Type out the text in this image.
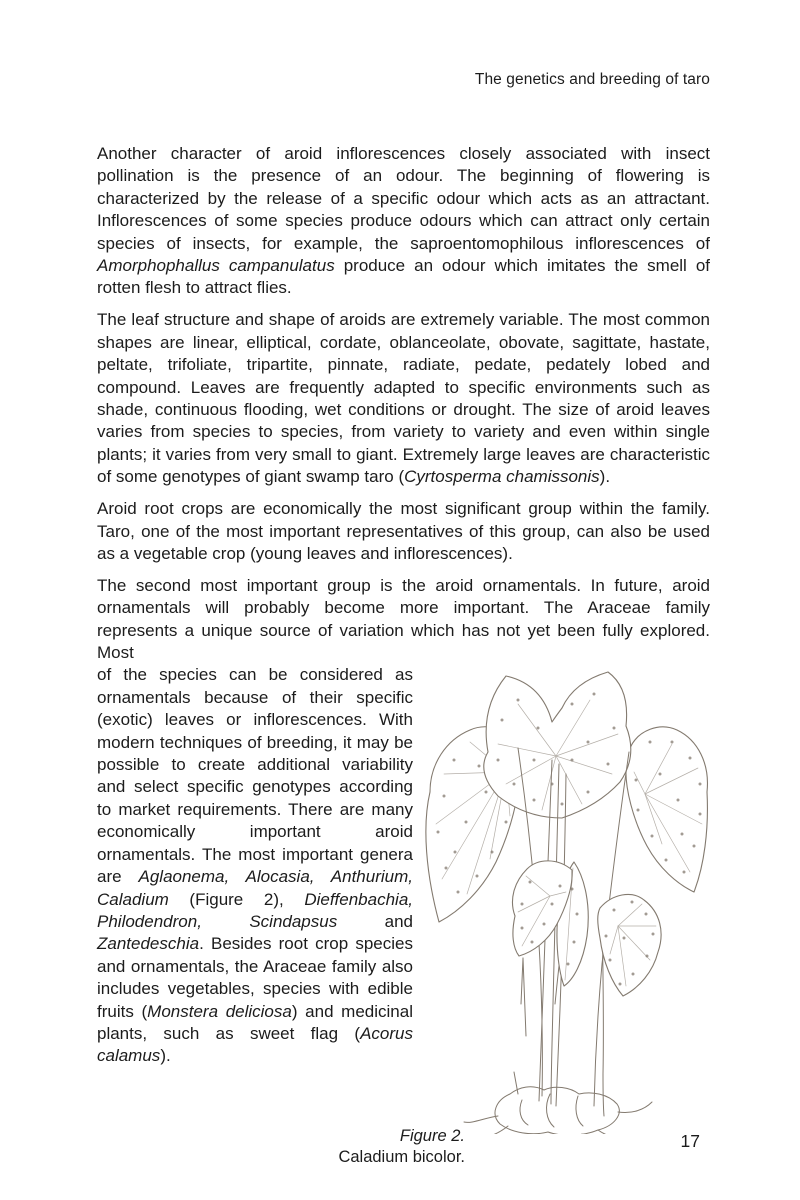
The genetics and breeding of taro

Another character of aroid inflorescences closely associated with insect pollination is the presence of an odour. The beginning of flowering is characterized by the release of a specific odour which acts as an attractant. Inflorescences of some species produce odours which can attract only certain species of insects, for example, the saproentomophilous inflorescences of Amorphophallus campanulatus produce an odour which imitates the smell of rotten flesh to attract flies.

The leaf structure and shape of aroids are extremely variable. The most common shapes are linear, elliptical, cordate, oblanceolate, obovate, sagittate, hastate, peltate, trifoliate, tripartite, pinnate, radiate, pedate, pedately lobed and compound. Leaves are frequently adapted to specific environments such as shade, continuous flooding, wet conditions or drought. The size of aroid leaves varies from species to species, from variety to variety and even within single plants; it varies from very small to giant. Extremely large leaves are characteristic of some genotypes of giant swamp taro (Cyrtosperma chamissonis).

Aroid root crops are economically the most significant group within the family. Taro, one of the most important representatives of this group, can also be used as a vegetable crop (young leaves and inflorescences).

The second most important group is the aroid ornamentals. In future, aroid ornamentals will probably become more important. The Araceae family represents a unique source of variation which has not yet been fully explored. Most

of the species can be considered as ornamentals because of their specific (exotic) leaves or inflorescences. With modern techniques of breeding, it may be possible to create additional variability and select specific genotypes according to market requirements. There are many economically important aroid ornamentals. The most important genera are Aglaonema, Alocasia, Anthurium, Caladium (Figure 2), Dieffenbachia, Philodendron, Scindapsus and Zantedeschia. Besides root crop species and ornamentals, the Araceae family also includes vegetables, species with edible fruits (Monstera deliciosa) and medicinal plants, such as sweet flag (Acorus calamus).

Figure 2.
Caladium bicolor.
17
